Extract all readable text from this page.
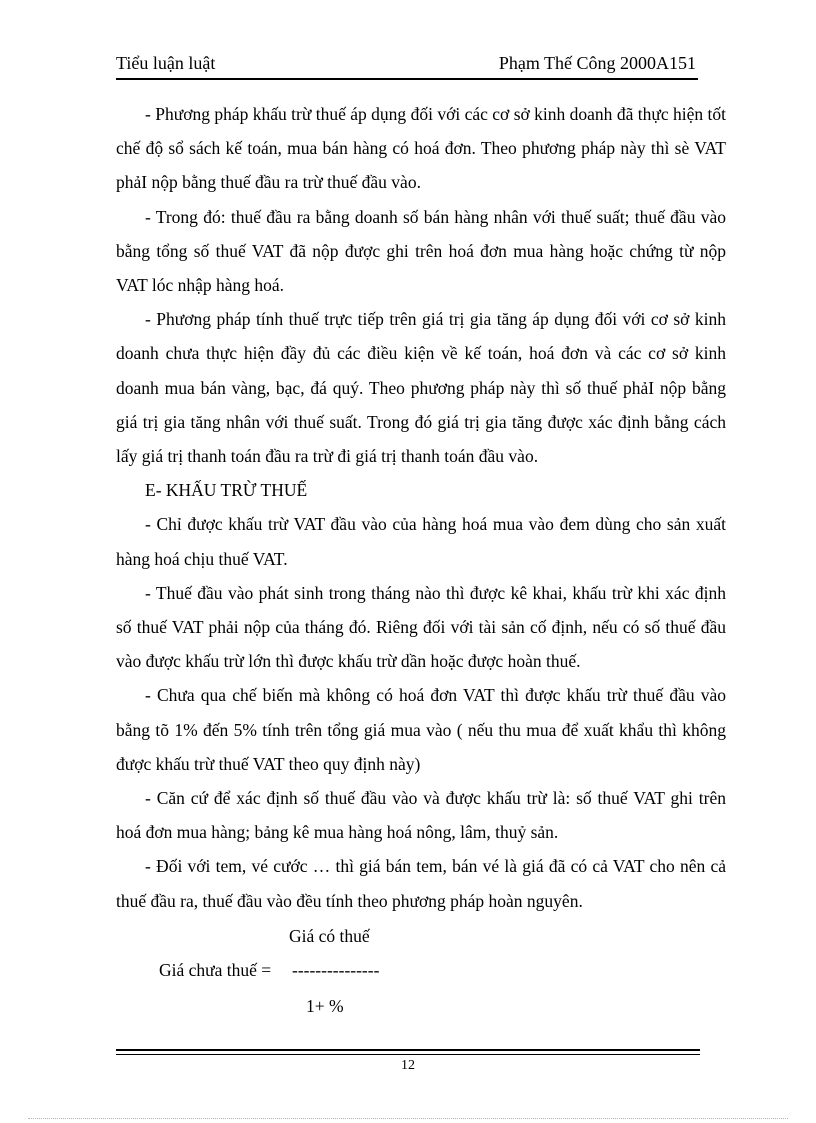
Tiểu luận luật	Phạm Thế Công 2000A151

- Phương pháp khấu trừ thuế áp dụng đối với các cơ sở kinh doanh đã thực hiện tốt chế độ sổ sách kế toán, mua bán hàng có hoá đơn. Theo phương pháp này thì sè VAT phảI nộp bằng thuế đầu ra trừ thuế đầu vào.

- Trong đó: thuế đầu ra bằng doanh số bán hàng nhân với thuế suất; thuế đầu vào bằng tổng số thuế VAT đã nộp được ghi trên hoá đơn mua hàng hoặc chứng từ nộp VAT lóc nhập hàng hoá.

- Phương pháp tính thuế trực tiếp trên giá trị gia tăng áp dụng đối với cơ sở kinh doanh chưa thực hiện đầy đủ các điều kiện về kế toán, hoá đơn và các cơ sở kinh doanh mua bán vàng, bạc, đá quý. Theo phương pháp này thì số thuế phảI nộp bằng giá trị gia tăng nhân với thuế suất. Trong đó giá trị gia tăng được xác định bằng cách lấy giá trị thanh toán đầu ra trừ đi giá trị thanh toán đầu vào.

E- KHẤU TRỪ THUẾ

- Chỉ được khấu trừ VAT đầu vào của hàng hoá mua vào đem dùng cho sản xuất hàng hoá chịu thuế VAT.

- Thuế đầu vào phát sinh trong tháng nào thì được kê khai, khấu trừ khi xác định số thuế VAT phải nộp của tháng đó. Riêng đối với tài sản cố định, nếu có số thuế đầu vào được khấu trừ lớn thì được khấu trừ dần hoặc được hoàn thuế.

- Chưa qua chế biến mà không có hoá đơn VAT thì được khấu trừ thuế đầu vào bằng tõ 1% đến 5% tính trên tổng giá mua vào ( nếu thu mua để xuất khẩu thì không được khấu trừ thuế VAT theo quy định này)

- Căn cứ để xác định số thuế đầu vào và được khấu trừ là: số thuế VAT ghi trên hoá đơn mua hàng; bảng kê mua hàng hoá nông, lâm, thuỷ sản.

- Đối với tem, vé cước … thì giá bán tem, bán vé là giá đã có cả VAT cho nên cả thuế đầu ra, thuế đầu vào đều tính theo phương pháp hoàn nguyên.

Giá có thuế
Giá chưa thuế = ---------------
1+ %
12
